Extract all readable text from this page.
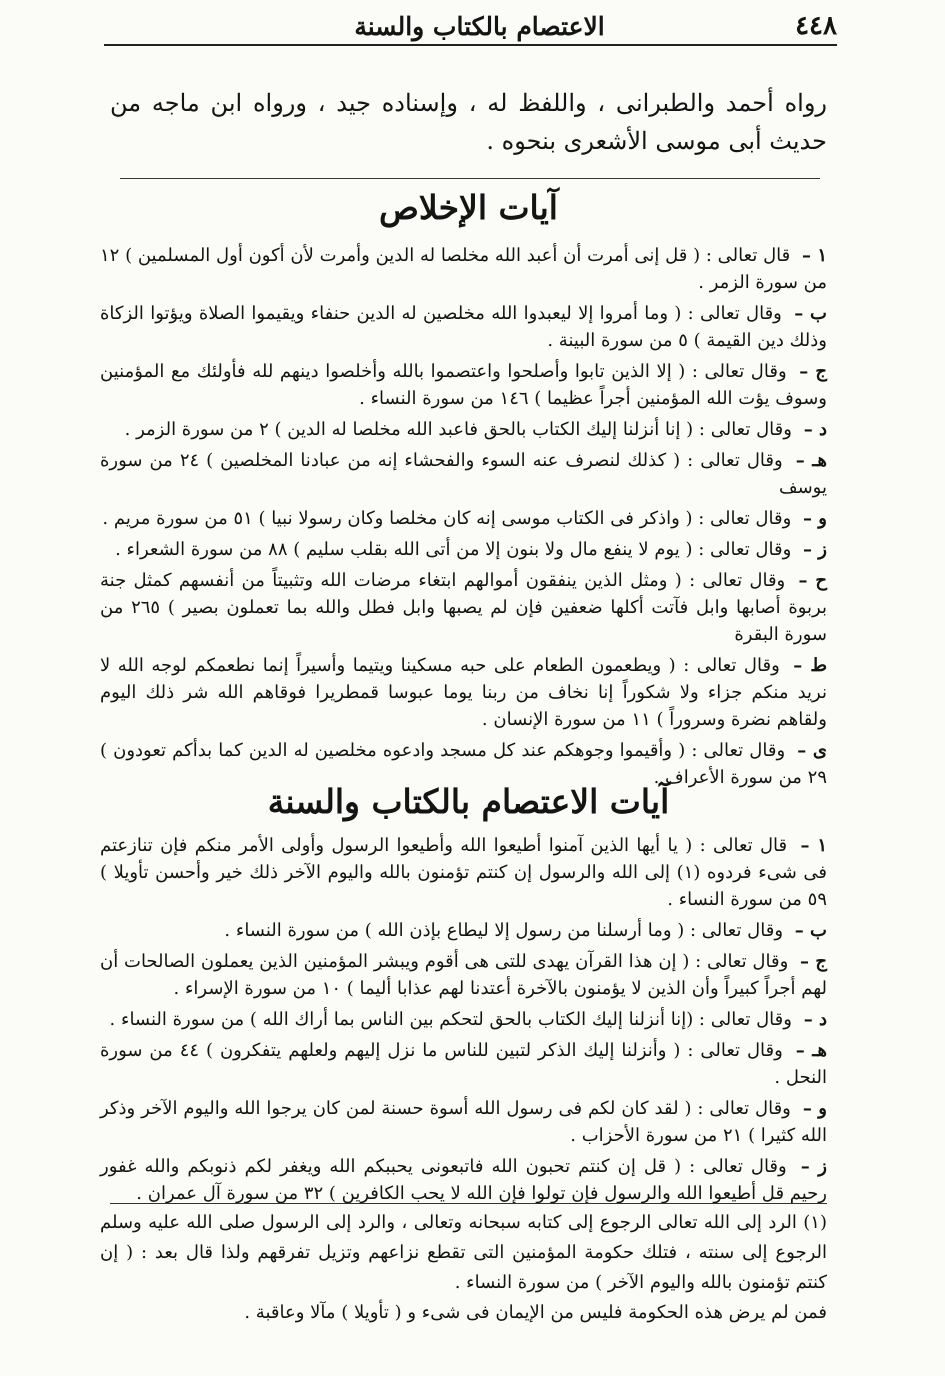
٤٤٨
الاعتصام بالكتاب والسنة
رواه أحمد والطبرانى ، واللفظ له ، وإسناده جيد ، ورواه ابن ماجه من حديث أبى موسى الأشعرى بنحوه .
آيات الإخلاص
١ – قال تعالى : ( قل إنى أمرت أن أعبد الله مخلصا له الدين وأمرت لأن أكون أول المسلمين ) ١٢ من سورة الزمر .
ب – وقال تعالى : ( وما أمروا إلا ليعبدوا الله مخلصين له الدين حنفاء ويقيموا الصلاة ويؤتوا الزكاة وذلك دين القيمة ) ٥ من سورة البينة .
ج – وقال تعالى : ( إلا الذين تابوا وأصلحوا واعتصموا بالله وأخلصوا دينهم لله فأولئك مع المؤمنين وسوف يؤت الله المؤمنين أجراً عظيما ) ١٤٦ من سورة النساء .
د – وقال تعالى : ( إنا أنزلنا إليك الكتاب بالحق فاعبد الله مخلصا له الدين ) ٢ من سورة الزمر .
هـ – وقال تعالى : ( كذلك لنصرف عنه السوء والفحشاء إنه من عبادنا المخلصين ) ٢٤ من سورة يوسف
و – وقال تعالى : ( واذكر فى الكتاب موسى إنه كان مخلصا وكان رسولا نبيا ) ٥١ من سورة مريم .
ز – وقال تعالى : ( يوم لا ينفع مال ولا بنون إلا من أتى الله بقلب سليم ) ٨٨ من سورة الشعراء .
ح – وقال تعالى : ( ومثل الذين ينفقون أموالهم ابتغاء مرضات الله وتثبيتاً من أنفسهم كمثل جنة بربوة أصابها وابل فآتت أكلها ضعفين فإن لم يصبها وابل فطل والله بما تعملون بصير ) ٢٦٥ من سورة البقرة
ط – وقال تعالى : ( ويطعمون الطعام على حبه مسكينا ويتيما وأسيراً إنما نطعمكم لوجه الله لا نريد منكم جزاء ولا شكوراً إنا نخاف من ربنا يوما عبوسا قمطريرا فوقاهم الله شر ذلك اليوم ولقاهم نضرة وسروراً ) ١١ من سورة الإنسان .
ى – وقال تعالى : ( وأقيموا وجوهكم عند كل مسجد وادعوه مخلصين له الدين كما بدأكم تعودون ) ٢٩ من سورة الأعراف .
آيات الاعتصام بالكتاب والسنة
١ – قال تعالى : ( يا أيها الذين آمنوا أطيعوا الله وأطيعوا الرسول وأولى الأمر منكم فإن تنازعتم فى شىء فردوه (١) إلى الله والرسول إن كنتم تؤمنون بالله واليوم الآخر ذلك خير وأحسن تأويلا ) ٥٩ من سورة النساء .
ب – وقال تعالى : ( وما أرسلنا من رسول إلا ليطاع بإذن الله ) من سورة النساء .
ج – وقال تعالى : ( إن هذا القرآن يهدى للتى هى أقوم ويبشر المؤمنين الذين يعملون الصالحات أن لهم أجراً كبيراً وأن الذين لا يؤمنون بالآخرة أعتدنا لهم عذابا أليما ) ١٠ من سورة الإسراء .
د – وقال تعالى : (إنا أنزلنا إليك الكتاب بالحق لتحكم بين الناس بما أراك الله ) من سورة النساء .
هـ – وقال تعالى : ( وأنزلنا إليك الذكر لتبين للناس ما نزل إليهم ولعلهم يتفكرون ) ٤٤ من سورة النحل .
و – وقال تعالى : ( لقد كان لكم فى رسول الله أسوة حسنة لمن كان يرجوا الله واليوم الآخر وذكر الله كثيرا ) ٢١ من سورة الأحزاب .
ز – وقال تعالى : ( قل إن كنتم تحبون الله فاتبعونى يحببكم الله ويغفر لكم ذنوبكم والله غفور رحيم قل أطيعوا الله والرسول فإن تولوا فإن الله لا يحب الكافرين ) ٣٢ من سورة آل عمران .
(١) الرد إلى الله تعالى الرجوع إلى كتابه سبحانه وتعالى ، والرد إلى الرسول صلى الله عليه وسلم الرجوع إلى سنته ، فتلك حكومة المؤمنين التى تقطع نزاعهم وتزيل تفرقهم ولذا قال بعد : ( إن كنتم تؤمنون بالله واليوم الآخر ) من سورة النساء .
فمن لم يرض هذه الحكومة فليس من الإيمان فى شىء و ( تأويلا ) مآلا وعاقبة .
